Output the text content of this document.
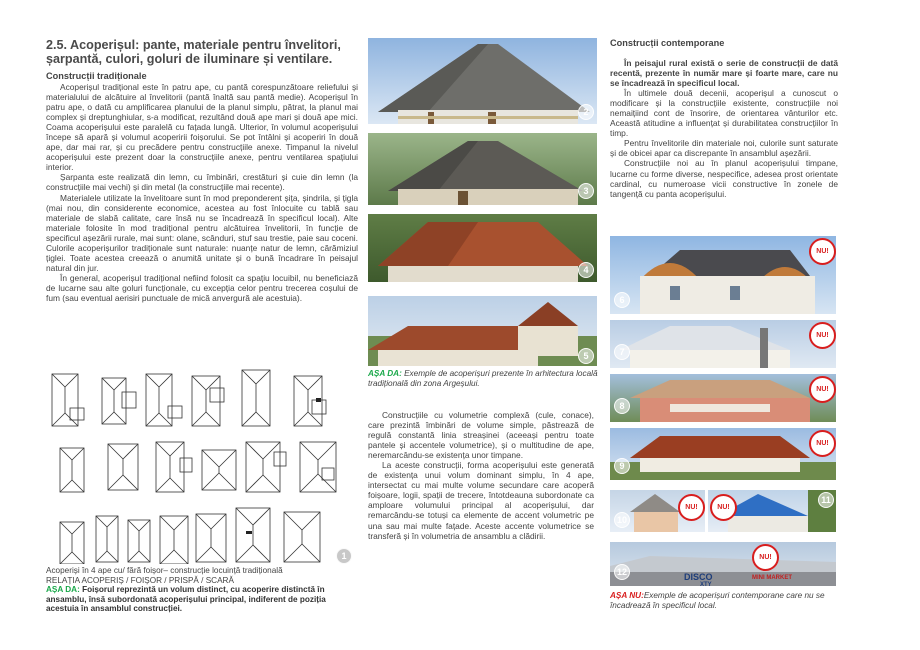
2.5. Acoperișul: pante, materiale pentru învelitori, șarpantă, culori, goluri de iluminare și ventilare.
Construcții tradiționale

Acoperișul tradițional este în patru ape, cu pantă corespunzătoare reliefului și materialului de alcătuire al învelitorii (pantă înaltă sau pantă medie). Acoperișul în patru ape, o dată cu amplificarea planului de la planul simplu, pătrat, la planul mai complex și dreptunghiular, s-a modificat, rezultând două ape mari și două ape mici. Coama acoperișului este paralelă cu fațada lungă. Ulterior, în volumul acoperișului începe să apară și volumul acoperirii foișorului. Se pot întâlni și acoperiri în două ape, dar mai rar, și cu precădere pentru construcțiile anexe. Timpanul la nivelul acoperișului este prezent doar la construcțiile anexe, pentru ventilarea spațiului interior.

Șarpanta este realizată din lemn, cu îmbinări, crestături și cuie din lemn (la construcțiile mai vechi) și din metal (la construcțiile mai recente).

Materialele utilizate la învelitoare sunt în mod preponderent șița, șindrila, și țigla (mai nou, din considerente economice, acestea au fost înlocuite cu tablă sau materiale de slabă calitate, care însă nu se încadrează în specificul local). Alte materiale folosite în mod tradițional pentru alcătuirea învelitorii, în funcție de specificul așezării rurale, mai sunt: olane, scânduri, stuf sau trestie, paie sau coceni. Culorile acoperișurilor tradiționale sunt naturale: nuanțe natur de lemn, cărămiziul țiglei. Toate acestea creează o anumită unitate și o bună încadrare în peisajul natural din jur.

În general, acoperișul tradițional nefiind folosit ca spațiu locuibil, nu beneficiază de lucarne sau alte goluri funcționale, cu excepția celor pentru trecerea coșului de fum (sau eventual aerisiri punctuale de mică anvergură ale acestuia).

1
Acoperiși în 4 ape cu/ fără foișor– construcție locuință tradițională
RELAȚIA ACOPERIȘ / FOIȘOR / PRISPĂ / SCARĂ
AȘA DA: Foișorul reprezintă un volum distinct, cu acoperire distinctă în ansamblu, însă subordonată acoperișului principal, indiferent de poziția acestuia în ansamblul construcției.
2
3
4
5
AȘA DA: Exemple de acoperișuri prezente în arhitectura locală tradițională din zona Argeșului.

Construcțiile cu volumetrie complexă (cule, conace), care prezintă îmbinări de volume simple, păstrează de regulă constantă linia streașinei (aceeași pentru toate pantele și accentele volumetrice), și o multitudine de ape, neremarcându-se existența unor timpane.

La aceste construcții, forma acoperișului este generată de existența unui volum dominant simplu, în 4 ape, intersectat cu mai multe volume secundare care acoperă foișoare, logii, spații de trecere, întotdeauna subordonate ca amploare volumului principal al acoperișului, dar remarcându-se totuși ca elemente de accent volumetric pe una sau mai multe fațade. Aceste accente volumetrice se transferă și în volumetria de ansamblu a clădirii.

Construcții contemporane

În peisajul rural există o serie de construcții de dată recentă, prezente în număr mare și foarte mare, care nu se încadrează în specificul local.

În ultimele două decenii, acoperișul a cunoscut o modificare și la construcțiile existente, construcțiile noi nemaițiind cont de însorire, de orientarea vânturilor etc. Această atitudine a influențat și durabilitatea construcțiilor în timp.

Pentru învelitorile din materiale noi, culorile sunt saturate și de obicei apar ca discrepante în ansamblul așezării.

Construcțiile noi au în planul acoperișului timpane, lucarne cu forme diverse, nespecifice, adesea prost orientate cardinal, cu numeroase vicii constructive în zonele de tangență cu panta acoperișului.

6
NU!
7
NU!
8
NU!
9
NU!
10
NU!
11
NU!
DISCO
XTY
MINI MARKET
12
NU!
AȘA NU:Exemple de acoperișuri contemporane care nu se încadrează în specificul local.
